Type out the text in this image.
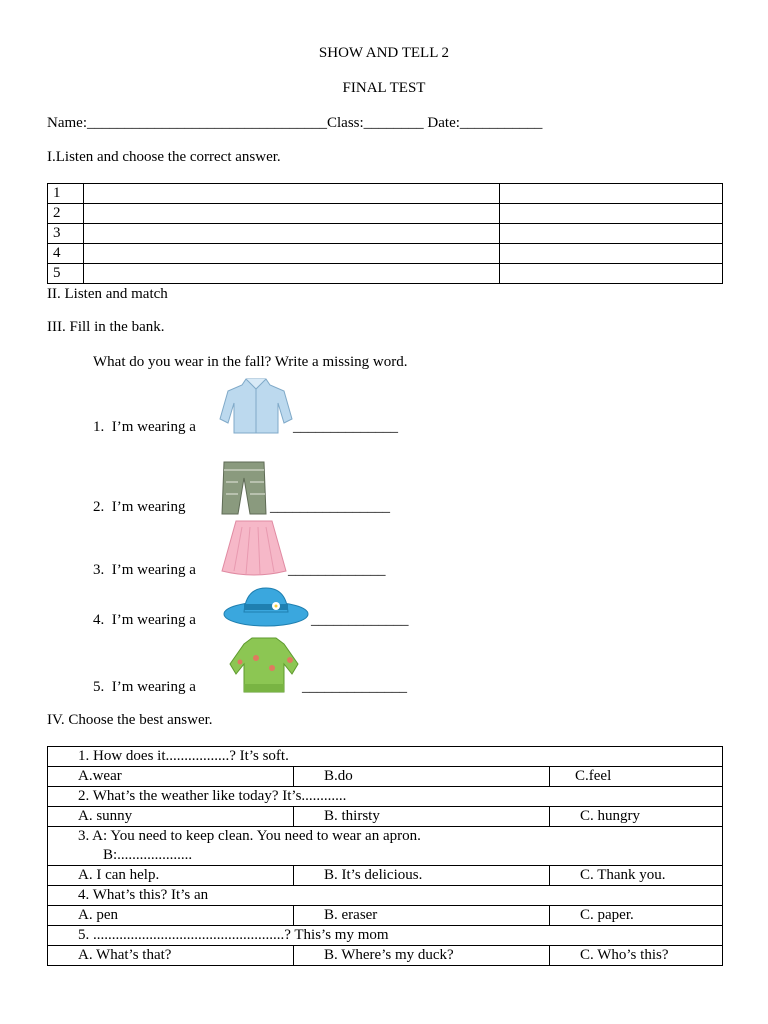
SHOW AND TELL 2
FINAL TEST
Name:________________________________Class:________ Date:___________
I.Listen and choose the correct answer.
1		
2		
3		
4		
5		
II. Listen and match
III. Fill in the bank.
What do you wear in the fall? Write a missing word.
1. I’m wearing a	______________
2. I’m wearing	________________
3. I’m wearing a	_____________
4. I’m wearing a	_____________
5. I’m wearing a	______________
IV. Choose the best answer.
1. How does it.................? It’s soft.		
A.wear	B.do	C.feel
2. What’s the weather like today? It’s............		
A. sunny	B. thirsty	C. hungry

3. A: You need to keep clean. You need to wear an apron.
B:....................		

A. I can help.	B. It’s delicious.	C. Thank you.
4. What’s this? It’s an		
A. pen	B. eraser	C. paper.
5. ...................................................? This’s my mom		
A. What’s that?	B. Where’s my duck?	C. Who’s this?
